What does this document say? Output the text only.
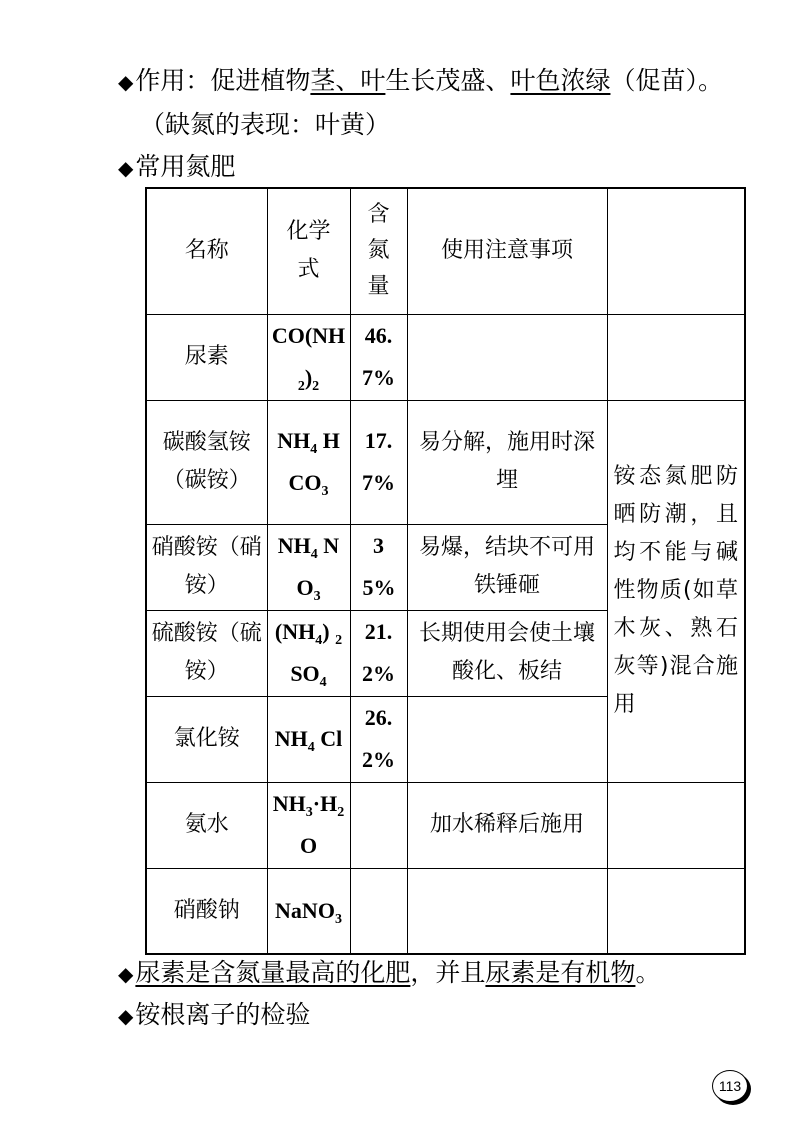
◆作用：促进植物茎、叶生长茂盛、叶色浓绿（促苗）。
（缺氮的表现：叶黄）
◆常用氮肥
名称	化学式	含氮量	使用注意事项	
尿素	$CO(NH_2)_2$	46.7%		
碳酸氢铵（碳铵）	$NH_4$ $HCO_3$	17.7%	易分解，施用时深埋	铵态氮肥防晒防潮，且均不能与碱性物质(如草木灰、熟石灰等)混合施用
硝酸铵（硝铵）	$NH_4$ $NO_3$	35%	易爆，结块不可用铁锤砸	
硫酸铵（硫铵）	$(NH_4)$ $_2SO_4$	21.2%	长期使用会使土壤酸化、板结	
氯化铵	$NH_4$ Cl	26.2%		
氨水	$NH_3\cdot H_2O$		加水稀释后施用	
硝酸钠	NaNO$_3$			
◆尿素是含氮量最高的化肥，并且尿素是有机物。
◆铵根离子的检验
113
